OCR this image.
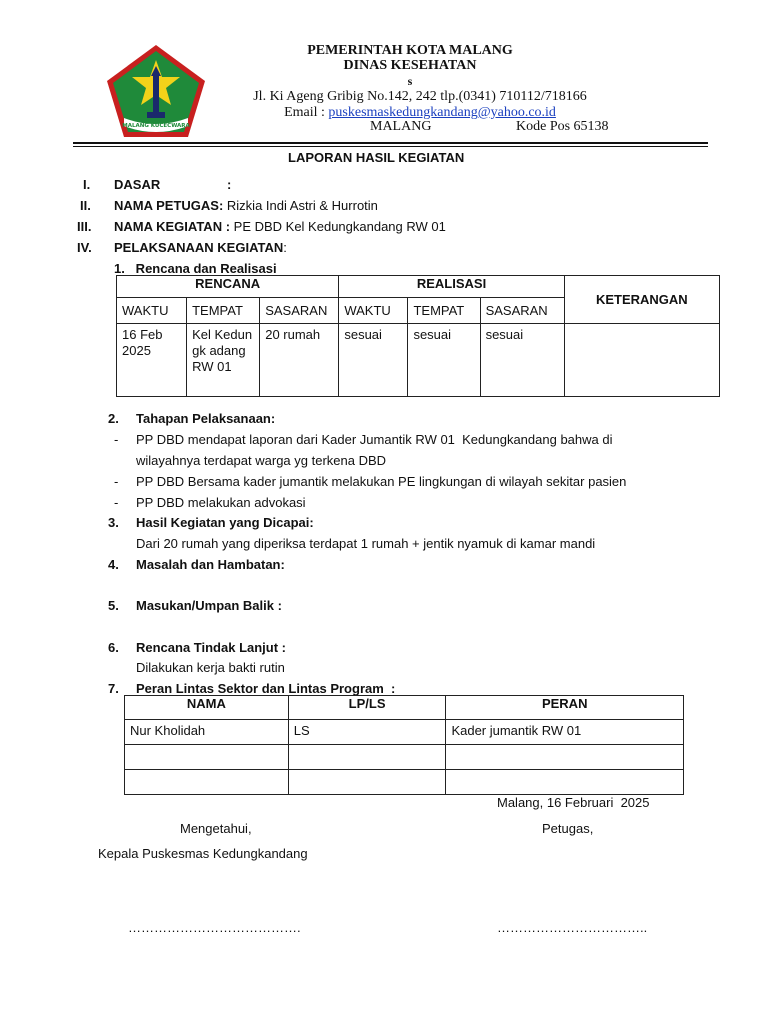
MALANG KUCECWARA
PEMERINTAH KOTA MALANG
DINAS KESEHATAN
s
Jl. Ki Ageng Gribig No.142, 242 tlp.(0341) 710112/718166
Email : puskesmaskedungkandang@yahoo.co.id
MALANG	Kode Pos 65138
LAPORAN HASIL KEGIATAN
I. DASAR	:
II. NAMA PETUGAS: Rizkia Indi Astri & Hurrotin
III. NAMA KEGIATAN : PE DBD Kel Kedungkandang RW 01
IV. PELAKSANAAN KEGIATAN:
1.   Rencana dan Realisasi
RENCANA			REALISASI			KETERANGAN
WAKTU	TEMPAT	SASARAN	WAKTU	TEMPAT	SASARAN	
16 Feb 2025	Kel Kedungk adang RW 01	20 rumah	sesuai	sesuai	sesuai	
2. Tahapan Pelaksanaan:
- PP DBD mendapat laporan dari Kader Jumantik RW 01  Kedungkandang bahwa di
wilayahnya terdapat warga yg terkena DBD
- PP DBD Bersama kader jumantik melakukan PE lingkungan di wilayah sekitar pasien
- PP DBD melakukan advokasi
3. Hasil Kegiatan yang Dicapai:
Dari 20 rumah yang diperiksa terdapat 1 rumah + jentik nyamuk di kamar mandi
4. Masalah dan Hambatan:
5. Masukan/Umpan Balik :
6. Rencana Tindak Lanjut :
Dilakukan kerja bakti rutin
7. Peran Lintas Sektor dan Lintas Program  :
NAMA	LP/LS	PERAN
Nur Kholidah	LS	Kader jumantik RW 01

Malang, 16 Februari  2025
Mengetahui,	Petugas,
Kepala Puskesmas Kedungkandang
………………………………….	……………………………..
